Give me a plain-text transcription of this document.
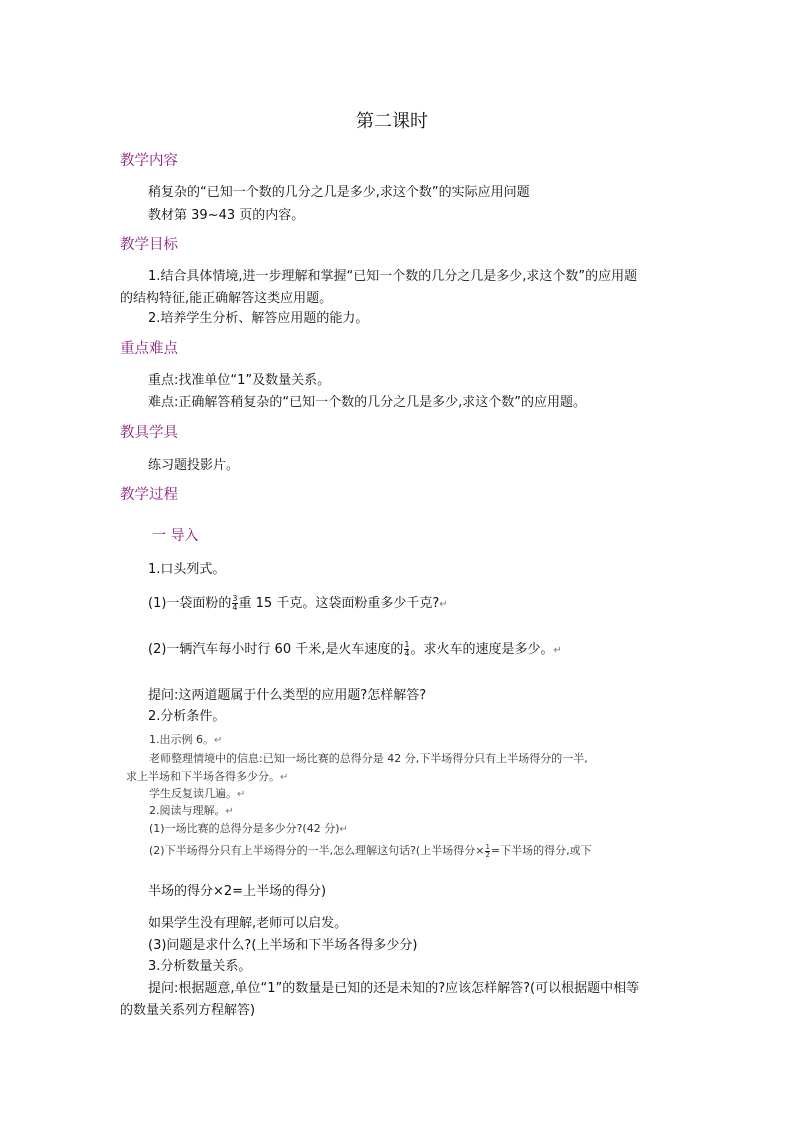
第二课时
教学内容
稍复杂的“已知一个数的几分之几是多少,求这个数”的实际应用问题
教材第 39~43 页的内容。
教学目标
1.结合具体情境,进一步理解和掌握“已知一个数的几分之几是多少,求这个数”的应用题
的结构特征,能正确解答这类应用题。
2.培养学生分析、解答应用题的能力。
重点难点
重点:找准单位“1”及数量关系。
难点:正确解答稍复杂的“已知一个数的几分之几是多少,求这个数”的应用题。
教具学具
练习题投影片。
教学过程
一 导入
1.口头列式。
(1)一袋面粉的 $\frac{3}{4}$ 重 15 千克。这袋面粉重多少千克?↵
(2)一辆汽车每小时行 60 千米,是火车速度的 $\frac{1}{4}$ 。求火车的速度是多少。↵
提问:这两道题属于什么类型的应用题?怎样解答?
2.分析条件。
1.出示例 6。↵
老师整理情境中的信息:已知一场比赛的总得分是 42 分,下半场得分只有上半场得分的一半,
求上半场和下半场各得多少分。↵
学生反复读几遍。↵
2.阅读与理解。↵
(1)一场比赛的总得分是多少分?(42 分)↵
(2)下半场得分只有上半场得分的一半,怎么理解这句话?(上半场得分× $\frac{1}{2}$ =下半场的得分,或下
半场的得分×2=上半场的得分)
如果学生没有理解,老师可以启发。
(3)问题是求什么?(上半场和下半场各得多少分)
3.分析数量关系。
提问:根据题意,单位“1”的数量是已知的还是未知的?应该怎样解答?(可以根据题中相等
的数量关系列方程解答)
